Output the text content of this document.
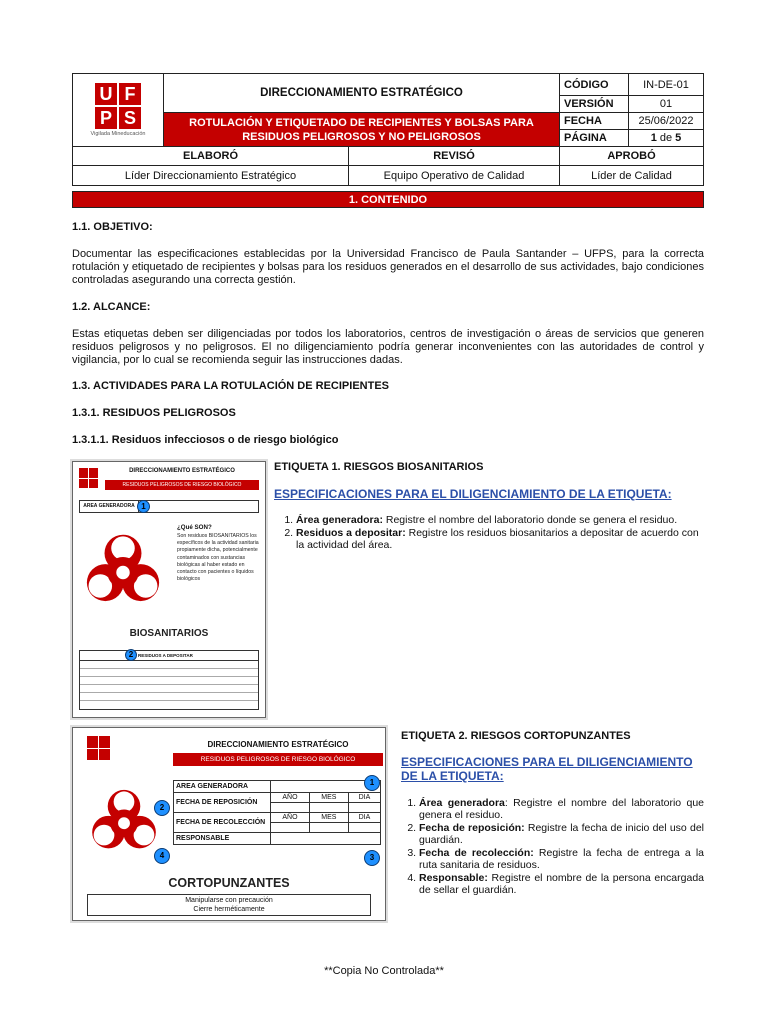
U F
P S
Vigilada Mineducación	DIRECCIONAMIENTO ESTRATÉGICO		CÓDIGO	IN-DE-01
			VERSIÓN	01
	ROTULACIÓN Y ETIQUETADO DE RECIPIENTES Y BOLSAS PARA RESIDUOS PELIGROSOS Y NO PELIGROSOS		FECHA	25/06/2022
			PÁGINA	1 de 5
ELABORÓ		REVISÓ	APROBÓ	
Líder Direccionamiento Estratégico		Equipo Operativo de Calidad	Líder de Calidad	
1. CONTENIDO
1.1. OBJETIVO:
Documentar las especificaciones establecidas por la Universidad Francisco de Paula Santander – UFPS, para la correcta rotulación y etiquetado de recipientes y bolsas para los residuos generados en el desarrollo de sus actividades, bajo condiciones controladas asegurando una correcta gestión.
1.2. ALCANCE:
Estas etiquetas deben ser diligenciadas por todos los laboratorios, centros de investigación o áreas de servicios que generen residuos peligrosos y no peligrosos. El no diligenciamiento podría generar inconvenientes con las autoridades de control y vigilancia, por lo cual se recomienda seguir las instrucciones dadas.
1.3. ACTIVIDADES PARA LA ROTULACIÓN DE RECIPIENTES
1.3.1. RESIDUOS PELIGROSOS
1.3.1.1. Residuos infecciosos o de riesgo biológico
DIRECCIONAMIENTO ESTRATÉGICO
RESIDUOS PELIGROSOS DE RIESGO BIOLÓGICO
AREA GENERADORA 1
¿Qué SON?
Son residuos BIOSANITARIOS los específicos de la actividad sanitaria propiamente dicha, potencialmente contaminados con sustancias biológicas al haber estado en contacto con pacientes o líquidos biológicos
BIOSANITARIOS
RESIDUOS A DEPOSITAR
2
ETIQUETA 1. RIESGOS BIOSANITARIOS
ESPECIFICACIONES PARA EL DILIGENCIAMIENTO DE LA ETIQUETA:
1. Área generadora: Registre el nombre del laboratorio donde se genera el residuo.
2. Residuos a depositar: Registre los residuos biosanitarios a depositar de acuerdo con la actividad del área.
DIRECCIONAMIENTO ESTRATÉGICO
RESIDUOS PELIGROSOS DE RIESGO BIOLÓGICO
AREA GENERADORA			
FECHA DE REPOSICIÓN	AÑO	MES	DIA

FECHA DE RECOLECCIÓN	AÑO	MES	DIA

RESPONSABLE			
1
2
3
4
CORTOPUNZANTES
Manipularse con precaución
Cierre herméticamente
ETIQUETA 2. RIESGOS CORTOPUNZANTES
ESPECIFICACIONES PARA EL DILIGENCIAMIENTO DE LA ETIQUETA:
1. Área generadora: Registre el nombre del laboratorio que genera el residuo.
2. Fecha de reposición: Registre la fecha de inicio del uso del guardián.
3. Fecha de recolección: Registre la fecha de entrega a la ruta sanitaria de residuos.
4. Responsable: Registre el nombre de la persona encargada de sellar el guardián.
**Copia No Controlada**
